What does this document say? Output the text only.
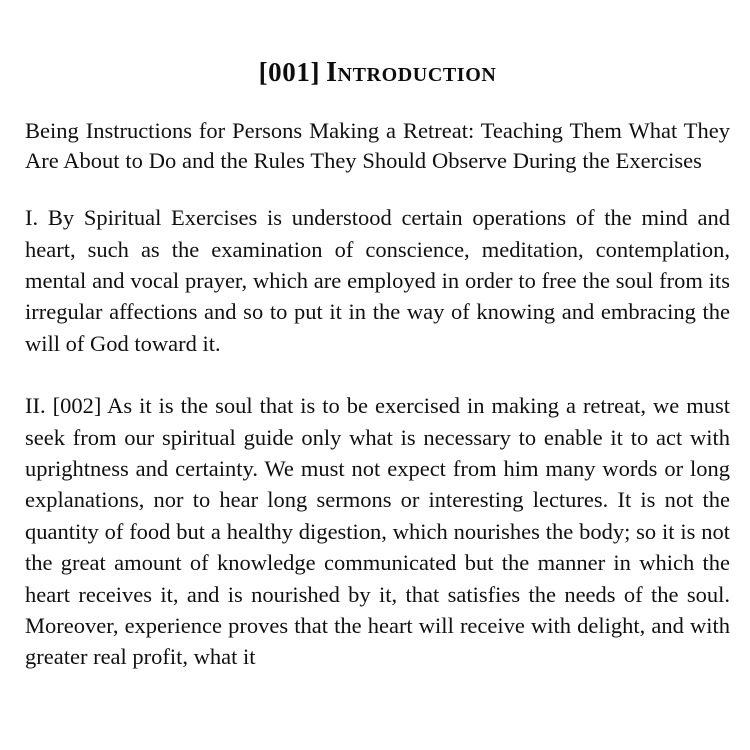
[001] Introduction

Being Instructions for Persons Making a Retreat: Teaching Them What They Are About to Do and the Rules They Should Observe During the Exercises

I. By Spiritual Exercises is understood certain operations of the mind and heart, such as the examination of conscience, meditation, contemplation, mental and vocal prayer, which are employed in order to free the soul from its irregular affections and so to put it in the way of knowing and embracing the will of God toward it.

II. [002] As it is the soul that is to be exercised in making a retreat, we must seek from our spiritual guide only what is necessary to enable it to act with uprightness and certainty. We must not expect from him many words or long explanations, nor to hear long sermons or interesting lectures. It is not the quantity of food but a healthy digestion, which nourishes the body; so it is not the great amount of knowledge communicated but the manner in which the heart receives it, and is nourished by it, that satisfies the needs of the soul. Moreover, experience proves that the heart will receive with delight, and with greater real profit, what it
